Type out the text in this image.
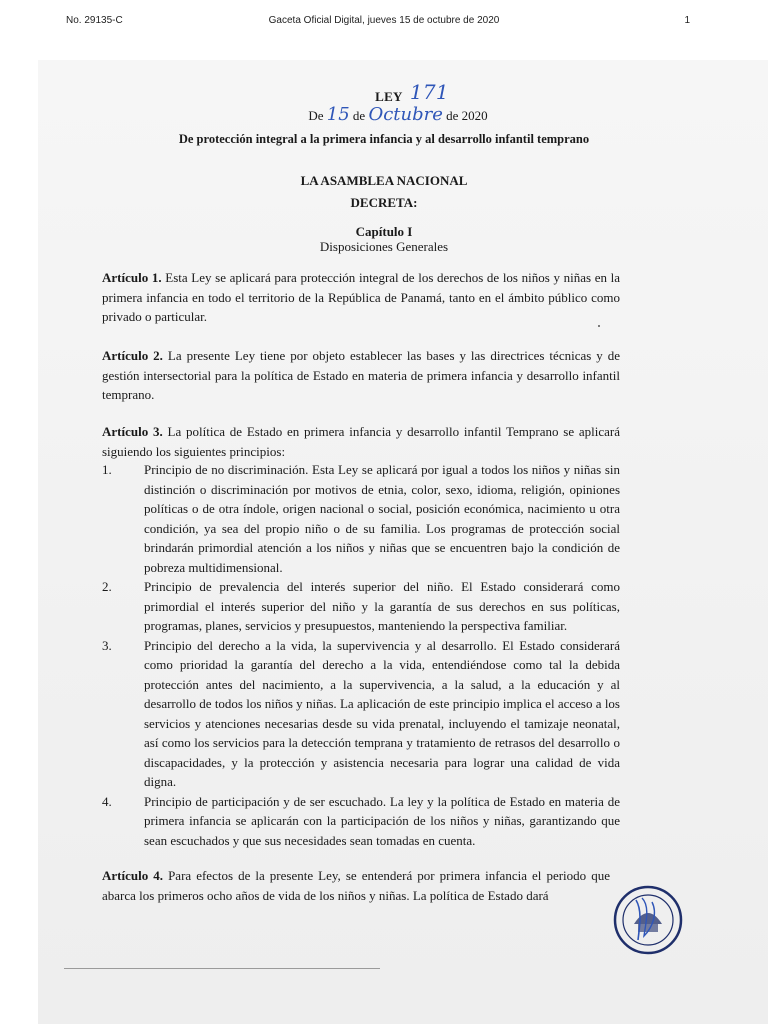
No. 29135-C	Gaceta Oficial Digital, jueves 15 de octubre de 2020	1
LEY 171
De 15 de Octubre de 2020
De protección integral a la primera infancia y al desarrollo infantil temprano
LA ASAMBLEA NACIONAL
DECRETA:
Capítulo I
Disposiciones Generales
Artículo 1. Esta Ley se aplicará para protección integral de los derechos de los niños y niñas en la primera infancia en todo el territorio de la República de Panamá, tanto en el ámbito público como privado o particular.
Artículo 2. La presente Ley tiene por objeto establecer las bases y las directrices técnicas y de gestión intersectorial para la política de Estado en materia de primera infancia y desarrollo infantil temprano.
Artículo 3. La política de Estado en primera infancia y desarrollo infantil Temprano se aplicará siguiendo los siguientes principios:
1. Principio de no discriminación. Esta Ley se aplicará por igual a todos los niños y niñas sin distinción o discriminación por motivos de etnia, color, sexo, idioma, religión, opiniones políticas o de otra índole, origen nacional o social, posición económica, nacimiento u otra condición, ya sea del propio niño o de su familia. Los programas de protección social brindarán primordial atención a los niños y niñas que se encuentren bajo la condición de pobreza multidimensional.
2. Principio de prevalencia del interés superior del niño. El Estado considerará como primordial el interés superior del niño y la garantía de sus derechos en sus políticas, programas, planes, servicios y presupuestos, manteniendo la perspectiva familiar.
3. Principio del derecho a la vida, la supervivencia y al desarrollo. El Estado considerará como prioridad la garantía del derecho a la vida, entendiéndose como tal la debida protección antes del nacimiento, a la supervivencia, a la salud, a la educación y al desarrollo de todos los niños y niñas. La aplicación de este principio implica el acceso a los servicios y atenciones necesarias desde su vida prenatal, incluyendo el tamizaje neonatal, así como los servicios para la detección temprana y tratamiento de retrasos del desarrollo o discapacidades, y la protección y asistencia necesaria para lograr una calidad de vida digna.
4. Principio de participación y de ser escuchado. La ley y la política de Estado en materia de primera infancia se aplicarán con la participación de los niños y niñas, garantizando que sean escuchados y que sus necesidades sean tomadas en cuenta.
Artículo 4. Para efectos de la presente Ley, se entenderá por primera infancia el periodo que abarca los primeros ocho años de vida de los niños y niñas. La política de Estado dará
